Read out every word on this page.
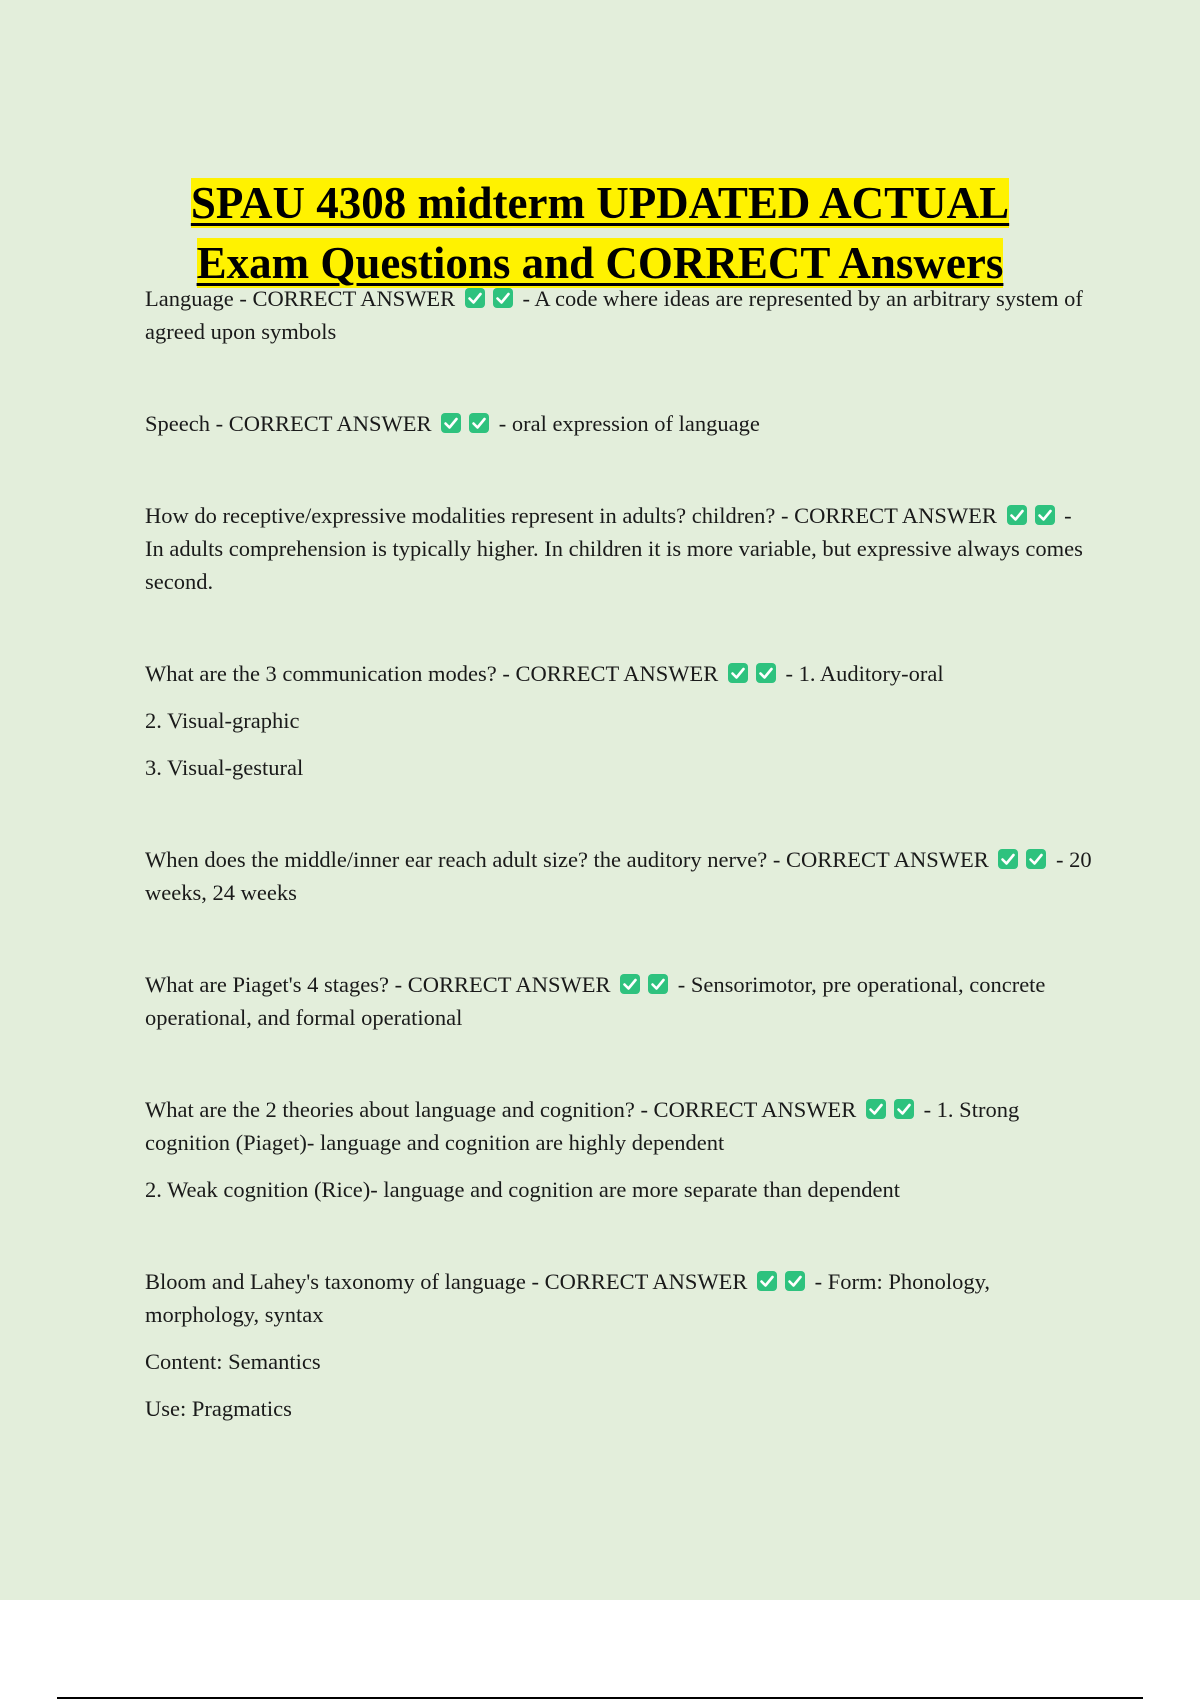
SPAU 4308 midterm UPDATED ACTUAL
Exam Questions and CORRECT Answers

Language - CORRECT ANSWER	- A code where ideas are represented by an arbitrary system of agreed upon symbols

Speech - CORRECT ANSWER	- oral expression of language

How do receptive/expressive modalities represent in adults? children? - CORRECT ANSWER	- In adults comprehension is typically higher. In children it is more variable, but expressive always comes second.

What are the 3 communication modes? - CORRECT ANSWER	- 1. Auditory-oral

2. Visual-graphic

3. Visual-gestural

When does the middle/inner ear reach adult size? the auditory nerve? - CORRECT ANSWER	- 20 weeks, 24 weeks

What are Piaget's 4 stages? - CORRECT ANSWER	- Sensorimotor, pre operational, concrete operational, and formal operational

What are the 2 theories about language and cognition? - CORRECT ANSWER	- 1. Strong cognition (Piaget)- language and cognition are highly dependent

2. Weak cognition (Rice)- language and cognition are more separate than dependent

Bloom and Lahey's taxonomy of language - CORRECT ANSWER	- Form: Phonology, morphology, syntax

Content: Semantics

Use: Pragmatics
